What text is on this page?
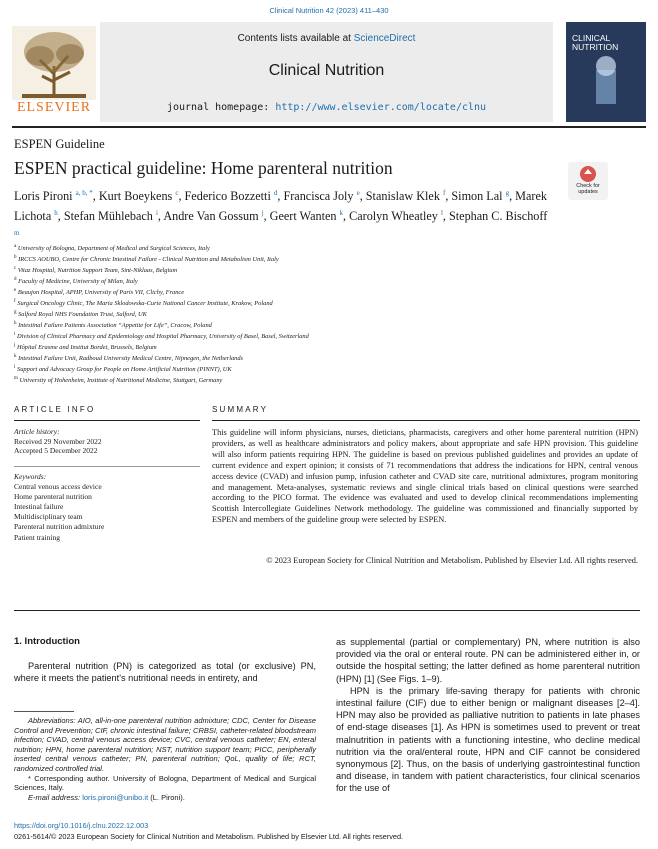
Clinical Nutrition 42 (2023) 411–430
ELSEVIER
Contents lists available at ScienceDirect
Clinical Nutrition
journal homepage: http://www.elsevier.com/locate/clnu
CLINICAL
NUTRITION
ESPEN Guideline
ESPEN practical guideline: Home parenteral nutrition
Check for
updates
Loris Pironi $^{a, b, *}$, Kurt Boeykens $^c$, Federico Bozzetti $^d$, Francisca Joly $^e$, Stanislaw Klek $^f$, Simon Lal $^g$, Marek Lichota $^h$, Stefan Mühlebach $^i$, Andre Van Gossum $^j$, Geert Wanten $^k$, Carolyn Wheatley $^l$, Stephan C. Bischoff $^m$
$^a$ University of Bologna, Department of Medical and Surgical Sciences, Italy
$^b$ IRCCS AOUBO, Centre for Chronic Intestinal Failure - Clinical Nutrition and Metabolism Unit, Italy
$^c$ Vitaz Hospital, Nutrition Support Team, Sint-Niklaas, Belgium
$^d$ Faculty of Medicine, University of Milan, Italy
$^e$ Beaujon Hospital, APHP, University of Paris VII, Clichy, France
$^f$ Surgical Oncology Clinic, The Maria Sklodowska-Curie National Cancer Institute, Krakow, Poland
$^g$ Salford Royal NHS Foundation Trust, Salford, UK
$^h$ Intestinal Failure Patients Association “Appetite for Life”, Cracow, Poland
$^i$ Division of Clinical Pharmacy and Epidemiology and Hospital Pharmacy, University of Basel, Basel, Switzerland
$^j$ Hôpital Erasme and Institut Bordet, Brussels, Belgium
$^k$ Intestinal Failure Unit, Radboud University Medical Centre, Nijmegen, the Netherlands
$^l$ Support and Advocacy Group for People on Home Artificial Nutrition (PINNT), UK
$^m$ University of Hohenheim, Institute of Nutritional Medicine, Stuttgart, Germany
ARTICLE INFO
Article history:
Received 29 November 2022
Accepted 5 December 2022
Keywords:
Central venous access device
Home parenteral nutrition
Intestinal failure
Multidisciplinary team
Parenteral nutrition admixture
Patient training
SUMMARY
This guideline will inform physicians, nurses, dieticians, pharmacists, caregivers and other home parenteral nutrition (HPN) providers, as well as healthcare administrators and policy makers, about appropriate and safe HPN provision. This guideline will also inform patients requiring HPN. The guideline is based on previous published guidelines and provides an update of current evidence and expert opinion; it consists of 71 recommendations that address the indications for HPN, central venous access device (CVAD) and infusion pump, infusion catheter and CVAD site care, nutritional admixtures, program monitoring and management. Meta-analyses, systematic reviews and single clinical trials based on clinical questions were searched according to the PICO format. The evidence was evaluated and used to develop clinical recommendations implementing Scottish Intercollegiate Guidelines Network methodology. The guideline was commissioned and financially supported by ESPEN and members of the guideline group were selected by ESPEN.
© 2023 European Society for Clinical Nutrition and Metabolism. Published by Elsevier Ltd. All rights reserved.
1. Introduction

Parenteral nutrition (PN) is categorized as total (or exclusive) PN, where it meets the patient's nutritional needs in entirety, and

Abbreviations: AIO, all-in-one parenteral nutrition admixture; CDC, Center for Disease Control and Prevention; CIF, chronic intestinal failure; CRBSI, catheter-related bloodstream infection; CVAD, central venous access device; CVC, central venous catheter; EN, enteral nutrition; HPN, home parenteral nutrition; NST, nutrition support team; PICC, peripherally inserted central venous catheter; PN, parenteral nutrition; QoL, quality of life; RCT, randomized controlled trial.

* Corresponding author. University of Bologna, Department of Medical and Surgical Sciences, Italy.

E-mail address: loris.pironi@unibo.it (L. Pironi).

as supplemental (partial or complementary) PN, where nutrition is also provided via the oral or enteral route. PN can be administered either in, or outside the hospital setting; the latter defined as home parenteral nutrition (HPN) [1] (See Figs. 1–9).

HPN is the primary life-saving therapy for patients with chronic intestinal failure (CIF) due to either benign or malignant diseases [2–4]. HPN may also be provided as palliative nutrition to patients in late phases of end-stage diseases [1]. As HPN is sometimes used to prevent or treat malnutrition in patients with a functioning intestine, who decline medical nutrition via the oral/enteral route, HPN and CIF cannot be considered synonymous [2]. Thus, on the basis of underlying gastrointestinal function and disease, in tandem with patient characteristics, four clinical scenarios for the use of

https://doi.org/10.1016/j.clnu.2022.12.003
0261-5614/© 2023 European Society for Clinical Nutrition and Metabolism. Published by Elsevier Ltd. All rights reserved.
